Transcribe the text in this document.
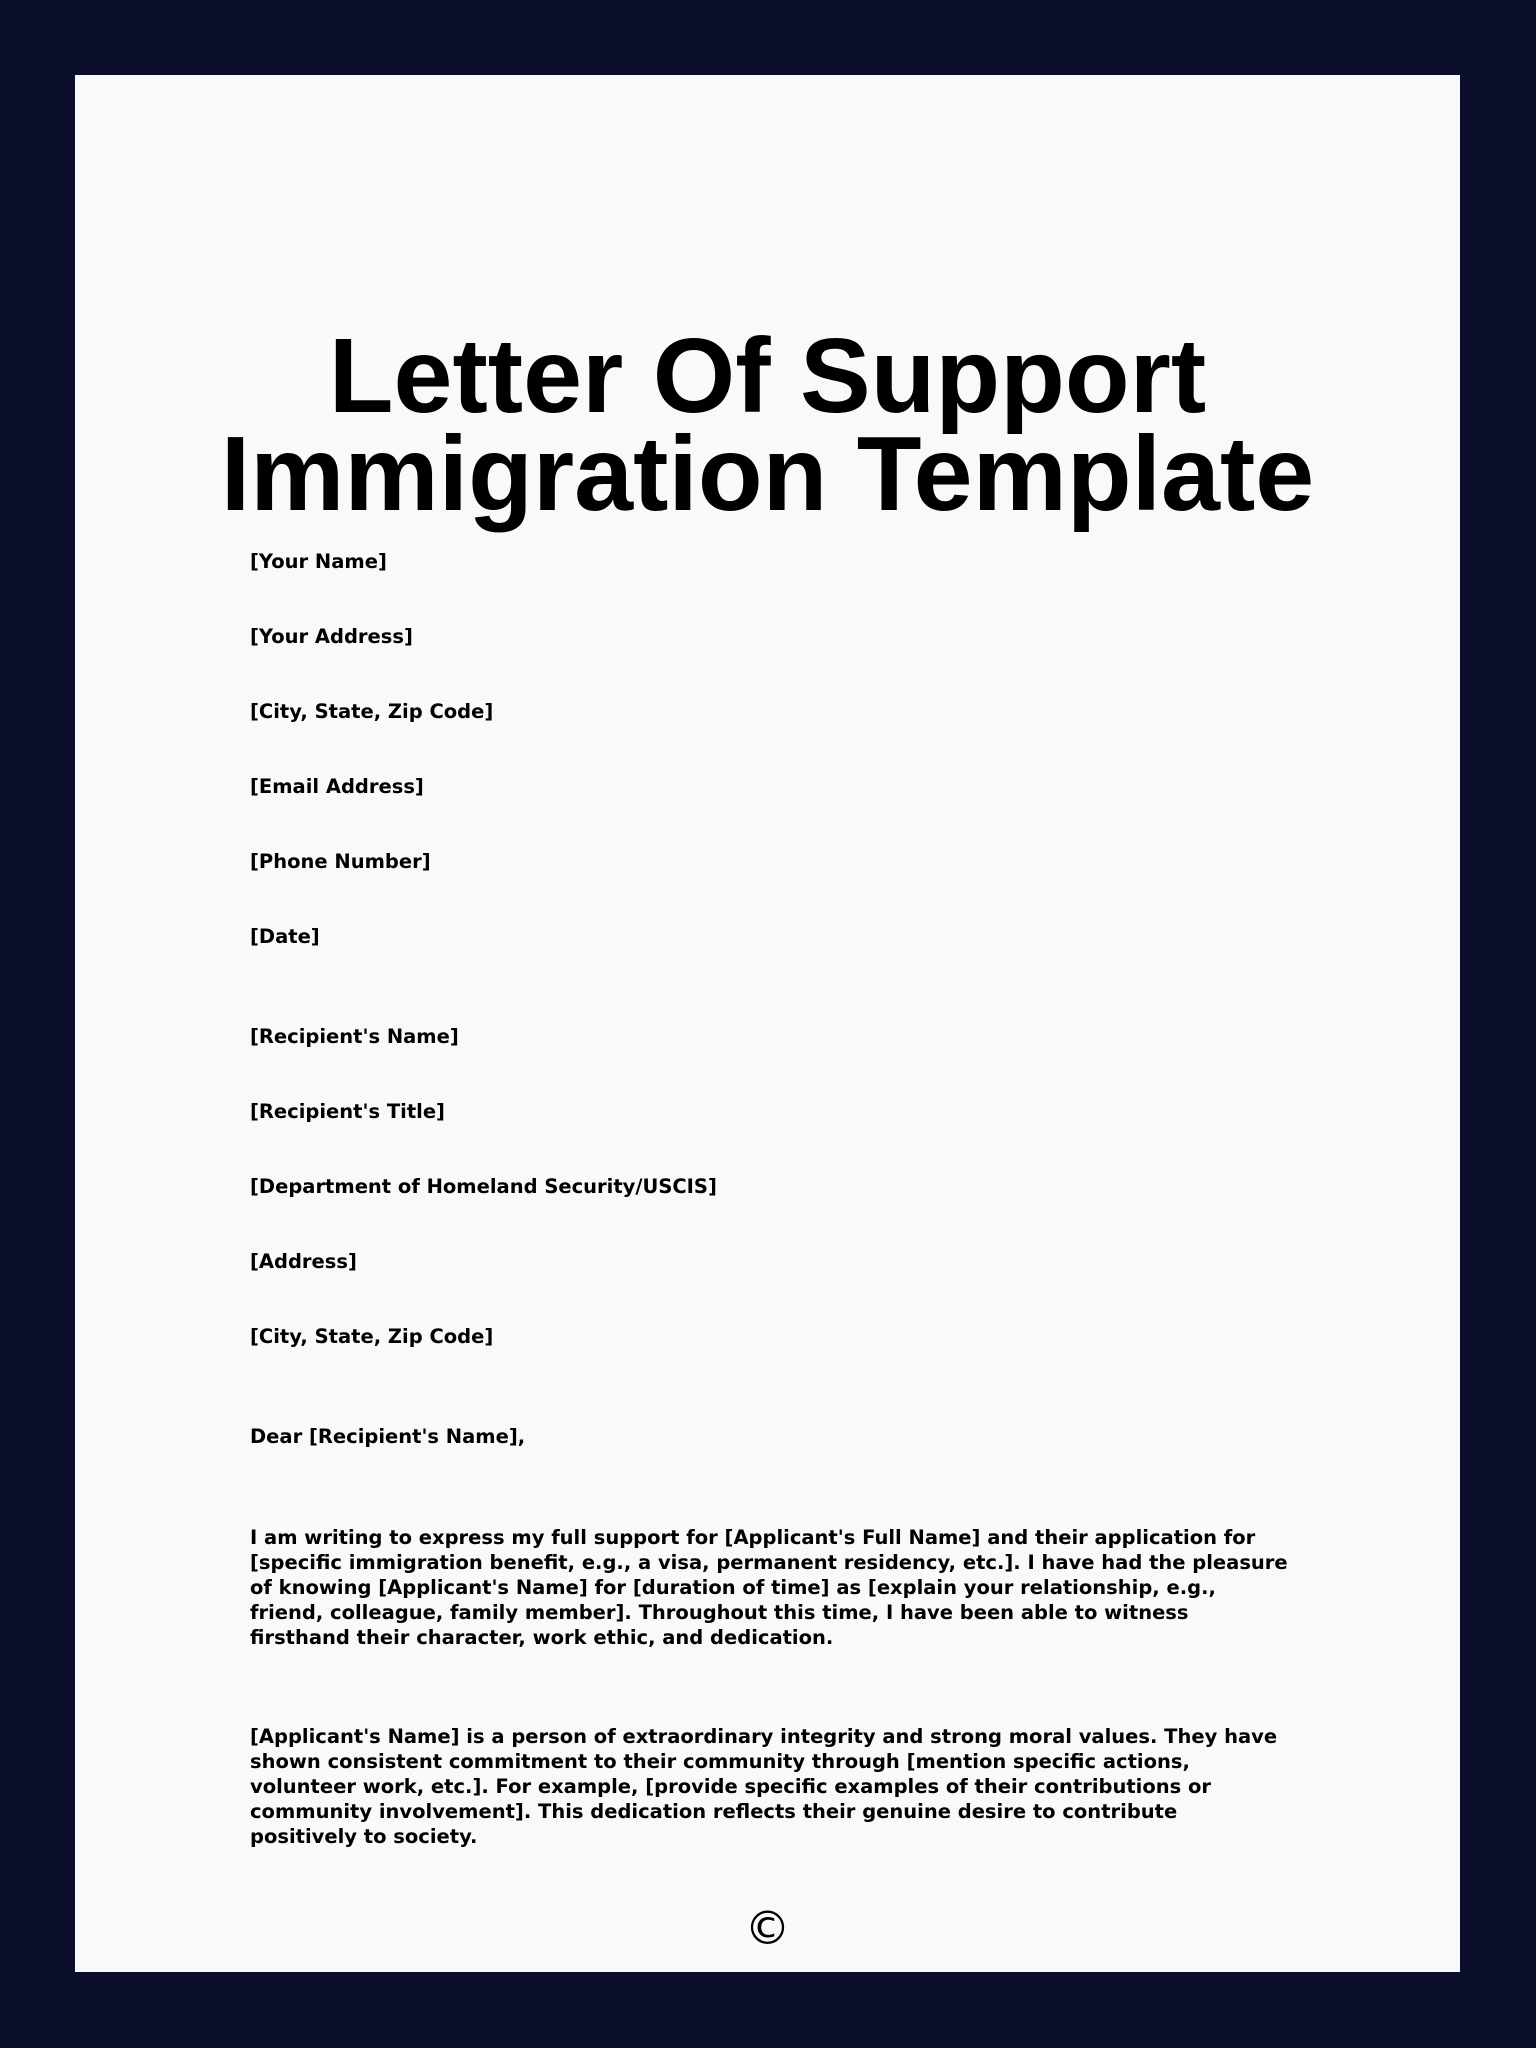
Letter Of Support
Immigration Template
[Your Name]
[Your Address]
[City, State, Zip Code]
[Email Address]
[Phone Number]
[Date]
[Recipient's Name]
[Recipient's Title]
[Department of Homeland Security/USCIS]
[Address]
[City, State, Zip Code]
Dear [Recipient's Name],

I am writing to express my full support for [Applicant's Full Name] and their application for [specific immigration benefit, e.g., a visa, permanent residency, etc.]. I have had the pleasure of knowing [Applicant's Name] for [duration of time] as [explain your relationship, e.g., friend, colleague, family member]. Throughout this time, I have been able to witness firsthand their character, work ethic, and dedication.

[Applicant's Name] is a person of extraordinary integrity and strong moral values. They have shown consistent commitment to their community through [mention specific actions, volunteer work, etc.]. For example, [provide specific examples of their contributions or community involvement]. This dedication reflects their genuine desire to contribute positively to society.

©
